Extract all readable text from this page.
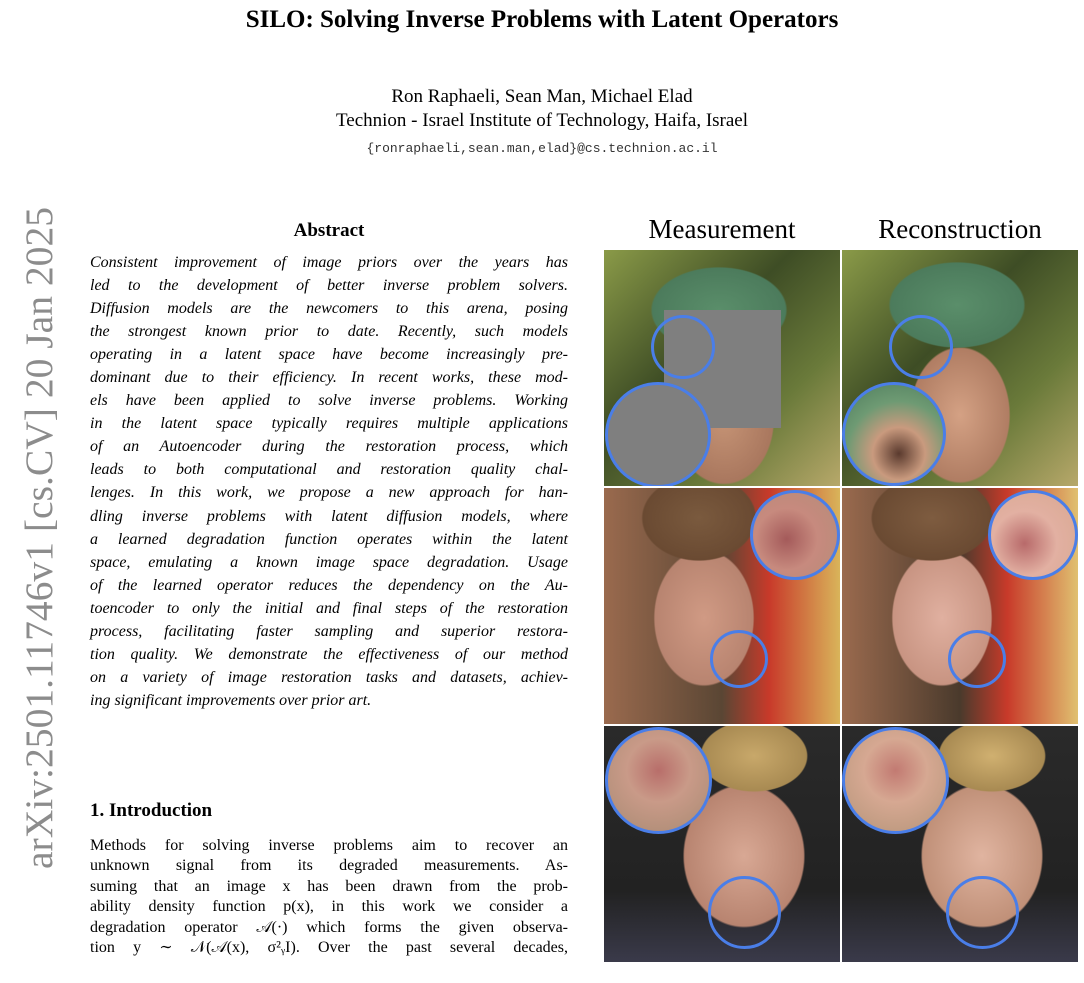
SILO: Solving Inverse Problems with Latent Operators
Ron Raphaeli, Sean Man, Michael Elad
Technion - Israel Institute of Technology, Haifa, Israel
{ronraphaeli,sean.man,elad}@cs.technion.ac.il
arXiv:2501.11746v1 [cs.CV] 20 Jan 2025	Abstract
Consistent improvement of image priors over the years has
led to the development of better inverse problem solvers.
Diffusion models are the newcomers to this arena, posing
the strongest known prior to date. Recently, such models
operating in a latent space have become increasingly pre-
dominant due to their efficiency. In recent works, these mod-
els have been applied to solve inverse problems. Working
in the latent space typically requires multiple applications
of an Autoencoder during the restoration process, which
leads to both computational and restoration quality chal-
lenges. In this work, we propose a new approach for han-
dling inverse problems with latent diffusion models, where
a learned degradation function operates within the latent
space, emulating a known image space degradation. Usage
of the learned operator reduces the dependency on the Au-
toencoder to only the initial and final steps of the restoration
process, facilitating faster sampling and superior restora-
tion quality. We demonstrate the effectiveness of our method
on a variety of image restoration tasks and datasets, achiev-
ing significant improvements over prior art.
1. Introduction
Methods for solving inverse problems aim to recover an
unknown signal from its degraded measurements. As-
suming that an image x has been drawn from the prob-
ability density function p(x), in this work we consider a
degradation operator 𝒜(·) which forms the given observa-
tion y ∼ 𝒩(𝒜(x), σ²ᵧI). Over the past several decades,
Measurement	Reconstruction
